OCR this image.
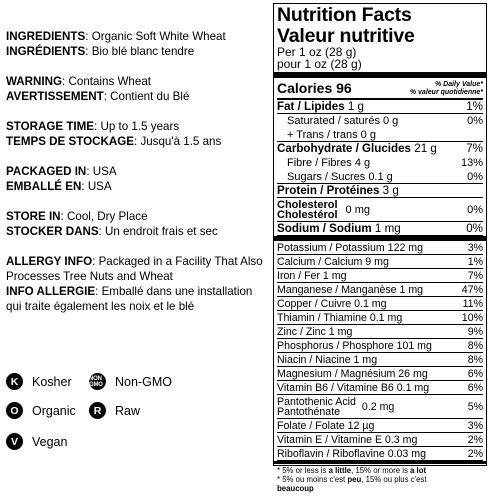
INGREDIENTS: Organic Soft White Wheat
INGRÉDIENTS: Bio blé blanc tendre
WARNING: Contains Wheat
AVERTISSEMENT: Contient du Blé
STORAGE TIME: Up to 1.5 years
TEMPS DE STOCKAGE: Jusqu'à 1.5 ans
PACKAGED IN: USA
EMBALLÉ EN: USA
STORE IN: Cool, Dry Place
STOCKER DANS: Un endroit frais et sec
ALLERGY INFO: Packaged in a Facility That Also Processes Tree Nuts and Wheat
INFO ALLERGIE: Emballé dans une installation qui traite également les noix et le blé
K	Kosher	NON GMO Non-GMO
O	Organic	R	Raw
V	Vegan
Nutrition Facts
Valeur nutritive
Per 1 oz (28 g)
pour 1 oz (28 g)
Calories 96	% Daily Value*
% valeur quotidienne*
Fat / Lipides 1 g	1%
Saturated / saturés 0 g	0%
+ Trans / trans 0 g
Carbohydrate / Glucides 21 g	7%
Fibre / Fibres 4 g	13%
Sugars / Sucres 0.1 g	0%
Protein / Protéines 3 g
Cholesterol
Cholestérol 0 mg	0%
Sodium / Sodium 1 mg	0%
Potassium / Potassium 122 mg	3%
Calcium / Calcium 9 mg	1%
Iron / Fer 1 mg	7%
Manganese / Manganèse 1 mg	47%
Copper / Cuivre 0.1 mg	11%
Thiamin / Thiamine 0.1 mg	10%
Zinc / Zinc 1 mg	9%
Phosphorus / Phosphore 101 mg	8%
Niacin / Niacine 1 mg	8%
Magnesium / Magnésium 26 mg	6%
Vitamin B6 / Vitamine B6 0.1 mg	6%
Pantothenic Acid
Pantothénate	0.2 mg	5%
Folate / Folate 12 µg	3%
Vitamin E / Vitamine E 0.3 mg	2%
Riboflavin / Riboflavine 0.03 mg	2%
* 5% or less is a little, 15% or more is a lot
* 5% ou moins c'est peu, 15% ou plus c'est
beaucoup
